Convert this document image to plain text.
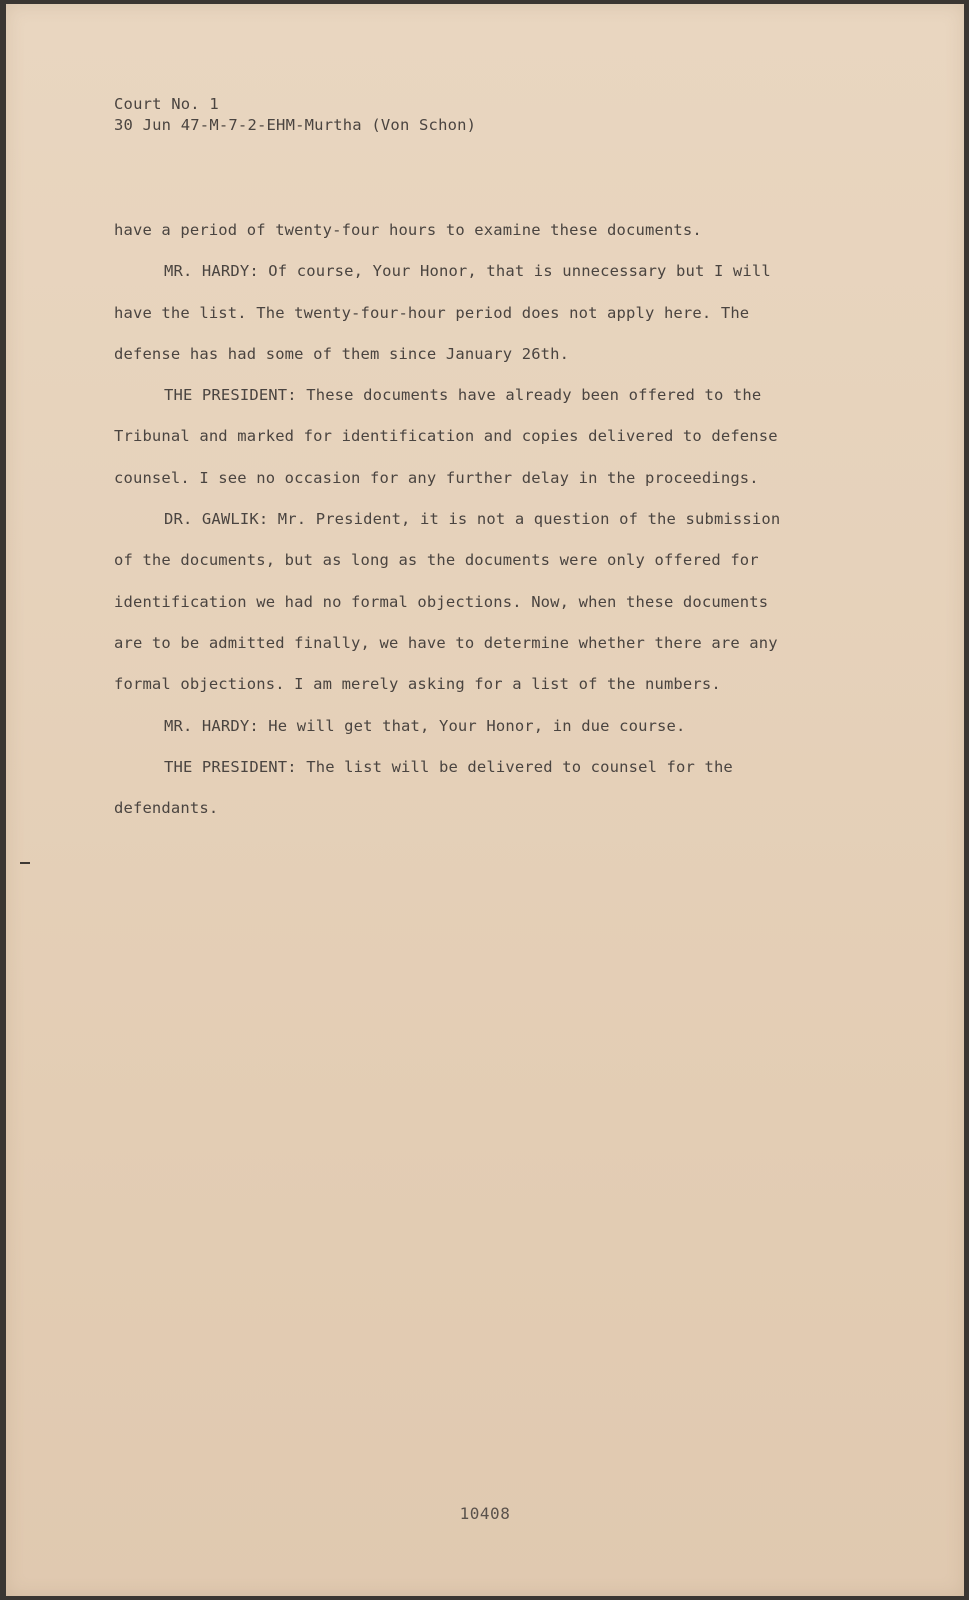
Court No. 1
30 Jun 47-M-7-2-EHM-Murtha (Von Schon)
have a period of twenty-four hours to examine these documents.
MR. HARDY: Of course, Your Honor, that is unnecessary but I will
have the list. The twenty-four-hour period does not apply here. The
defense has had some of them since January 26th.
THE PRESIDENT: These documents have already been offered to the
Tribunal and marked for identification and copies delivered to defense
counsel. I see no occasion for any further delay in the proceedings.
DR. GAWLIK: Mr. President, it is not a question of the submission
of the documents, but as long as the documents were only offered for
identification we had no formal objections. Now, when these documents
are to be admitted finally, we have to determine whether there are any
formal objections. I am merely asking for a list of the numbers.
MR. HARDY: He will get that, Your Honor, in due course.
THE PRESIDENT: The list will be delivered to counsel for the
defendants.
10408
